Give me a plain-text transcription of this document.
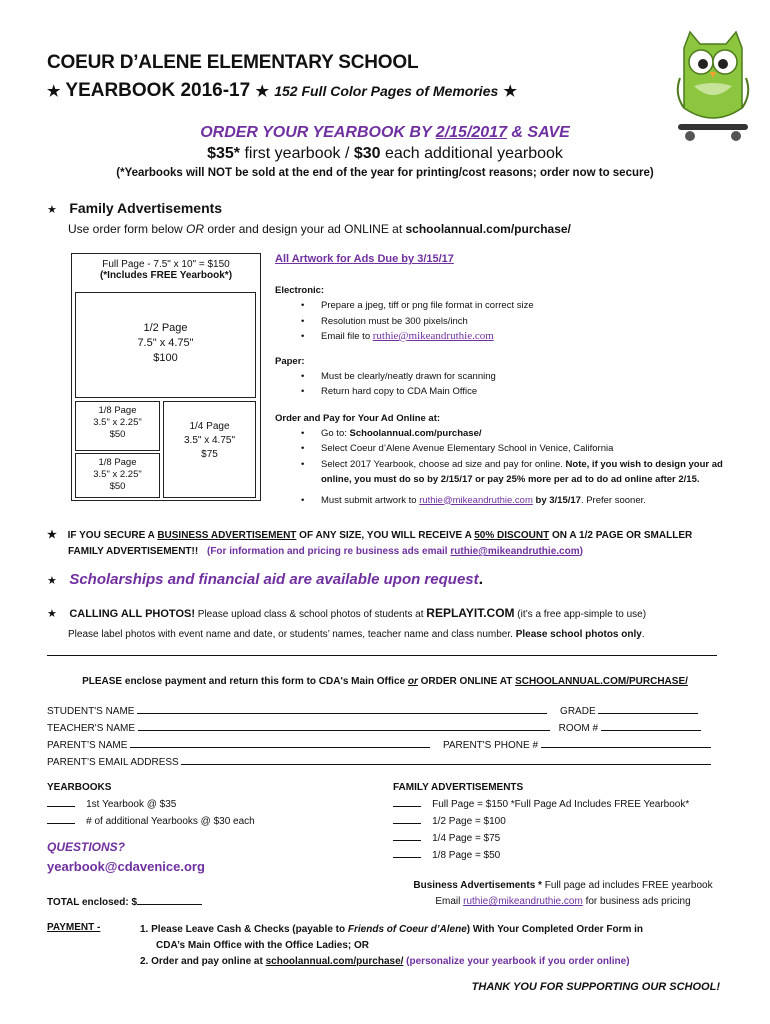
COEUR D’ALENE ELEMENTARY SCHOOL
★ YEARBOOK 2016-17 ★ 152 Full Color Pages of Memories ★
ORDER YOUR YEARBOOK BY 2/15/2017 & SAVE
$35* first yearbook / $30 each additional yearbook
(*Yearbooks will NOT be sold at the end of the year for printing/cost reasons; order now to secure)
★ Family Advertisements
Use order form below OR order and design your ad ONLINE at schoolannual.com/purchase/
Full Page - 7.5" x 10" = $150
(*Includes FREE Yearbook*)
1/2 Page
7.5" x 4.75"
$100
1/8 Page
3.5" x 2.25"
$50
1/8 Page
3.5" x 2.25"
$50
1/4 Page
3.5" x 4.75"
$75
All Artwork for Ads Due by 3/15/17
Electronic:
• Prepare a jpeg, tiff or png file format in correct size
• Resolution must be 300 pixels/inch
• Email file to ruthie@mikeandruthie.com
Paper:
• Must be clearly/neatly drawn for scanning
• Return hard copy to CDA Main Office
Order and Pay for Your Ad Online at:
• Go to: Schoolannual.com/purchase/
• Select Coeur d’Alene Avenue Elementary School in Venice, California
• Select 2017 Yearbook, choose ad size and pay for online. Note, if you wish to design your ad online, you must do so by 2/15/17 or pay 25% more per ad to do ad online after 2/15.
• Must submit artwork to ruthie@mikeandruthie.com by 3/15/17. Prefer sooner.
★ IF YOU SECURE A BUSINESS ADVERTISEMENT OF ANY SIZE, YOU WILL RECEIVE A 50% DISCOUNT ON A 1/2 PAGE OR SMALLER
FAMILY ADVERTISEMENT!! (For information and pricing re business ads email ruthie@mikeandruthie.com)
★ Scholarships and financial aid are available upon request.
★ CALLING ALL PHOTOS! Please upload class & school photos of students at REPLAYIT.COM (it’s a free app-simple to use)
Please label photos with event name and date, or students’ names, teacher name and class number. Please school photos only.
PLEASE enclose payment and return this form to CDA's Main Office or ORDER ONLINE AT SCHOOLANNUAL.COM/PURCHASE/
STUDENT'S NAME	GRADE
TEACHER'S NAME	ROOM #
PARENT’S NAME	PARENT'S PHONE #
PARENT’S EMAIL ADDRESS
YEARBOOKS
1st Yearbook @ $35
# of additional Yearbooks @ $30 each
FAMILY ADVERTISEMENTS
Full Page = $150 *Full Page Ad Includes FREE Yearbook*
1/2 Page = $100
1/4 Page = $75
1/8 Page = $50
QUESTIONS?
yearbook@cdavenice.org
Business Advertisements * Full page ad includes FREE yearbook
Email ruthie@mikeandruthie.com for business ads pricing
TOTAL enclosed: $
PAYMENT -	1. Please Leave Cash & Checks (payable to Friends of Coeur d’Alene) With Your Completed Order Form in
CDA’s Main Office with the Office Ladies; OR
2. Order and pay online at schoolannual.com/purchase/ (personalize your yearbook if you order online)
THANK YOU FOR SUPPORTING OUR SCHOOL!
